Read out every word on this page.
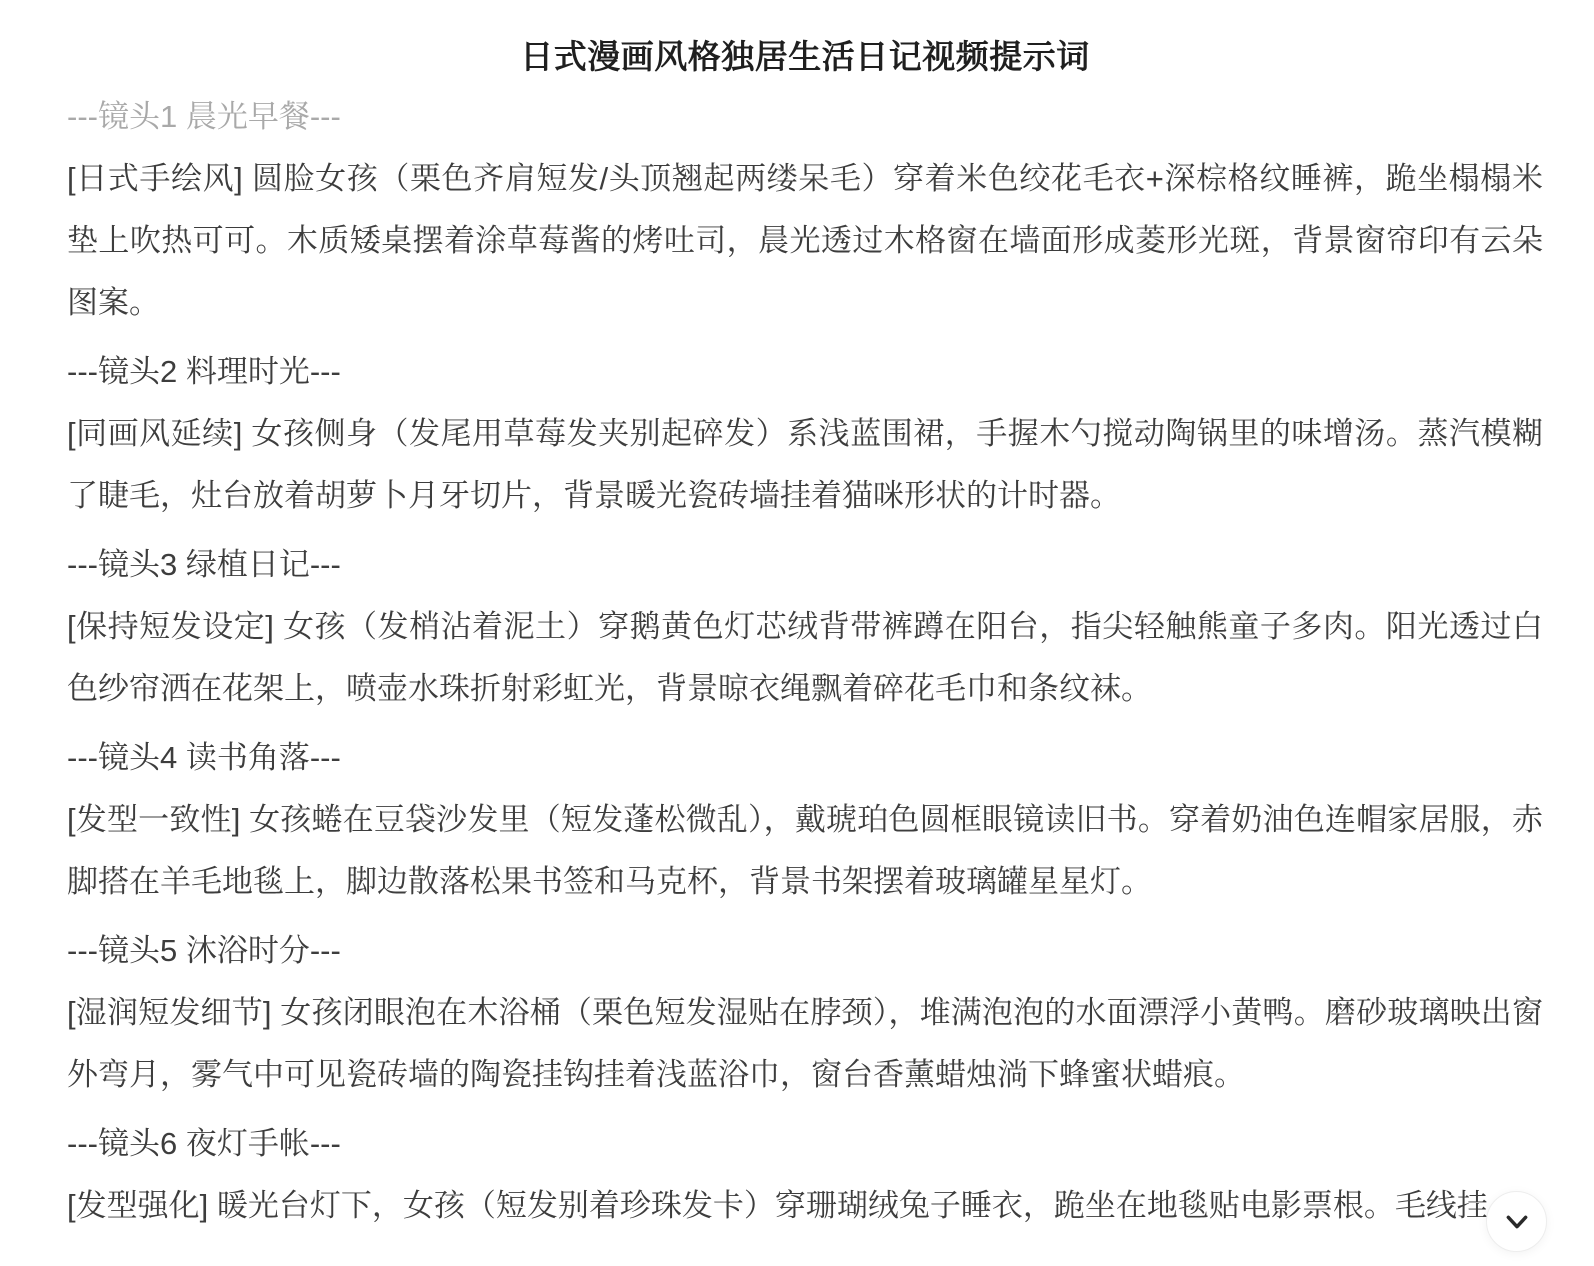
日式漫画风格独居生活日记视频提示词
---镜头1 晨光早餐---

[日式手绘风] 圆脸女孩（栗色齐肩短发/头顶翘起两缕呆毛）穿着米色绞花毛衣+深棕格纹睡裤，跪坐榻榻米垫上吹热可可。木质矮桌摆着涂草莓酱的烤吐司，晨光透过木格窗在墙面形成菱形光斑，背景窗帘印有云朵图案。

---镜头2 料理时光---

[同画风延续] 女孩侧身（发尾用草莓发夹别起碎发）系浅蓝围裙，手握木勺搅动陶锅里的味增汤。蒸汽模糊了睫毛，灶台放着胡萝卜月牙切片，背景暖光瓷砖墙挂着猫咪形状的计时器。

---镜头3 绿植日记---

[保持短发设定] 女孩（发梢沾着泥土）穿鹅黄色灯芯绒背带裤蹲在阳台，指尖轻触熊童子多肉。阳光透过白色纱帘洒在花架上，喷壶水珠折射彩虹光，背景晾衣绳飘着碎花毛巾和条纹袜。

---镜头4 读书角落---

[发型一致性] 女孩蜷在豆袋沙发里（短发蓬松微乱），戴琥珀色圆框眼镜读旧书。穿着奶油色连帽家居服，赤脚搭在羊毛地毯上，脚边散落松果书签和马克杯，背景书架摆着玻璃罐星星灯。

---镜头5 沐浴时分---

[湿润短发细节] 女孩闭眼泡在木浴桶（栗色短发湿贴在脖颈），堆满泡泡的水面漂浮小黄鸭。磨砂玻璃映出窗外弯月，雾气中可见瓷砖墙的陶瓷挂钩挂着浅蓝浴巾，窗台香薰蜡烛淌下蜂蜜状蜡痕。

---镜头6 夜灯手帐---

[发型强化] 暖光台灯下，女孩（短发别着珍珠发卡）穿珊瑚绒兔子睡衣，跪坐在地毯贴电影票根。毛线挂
